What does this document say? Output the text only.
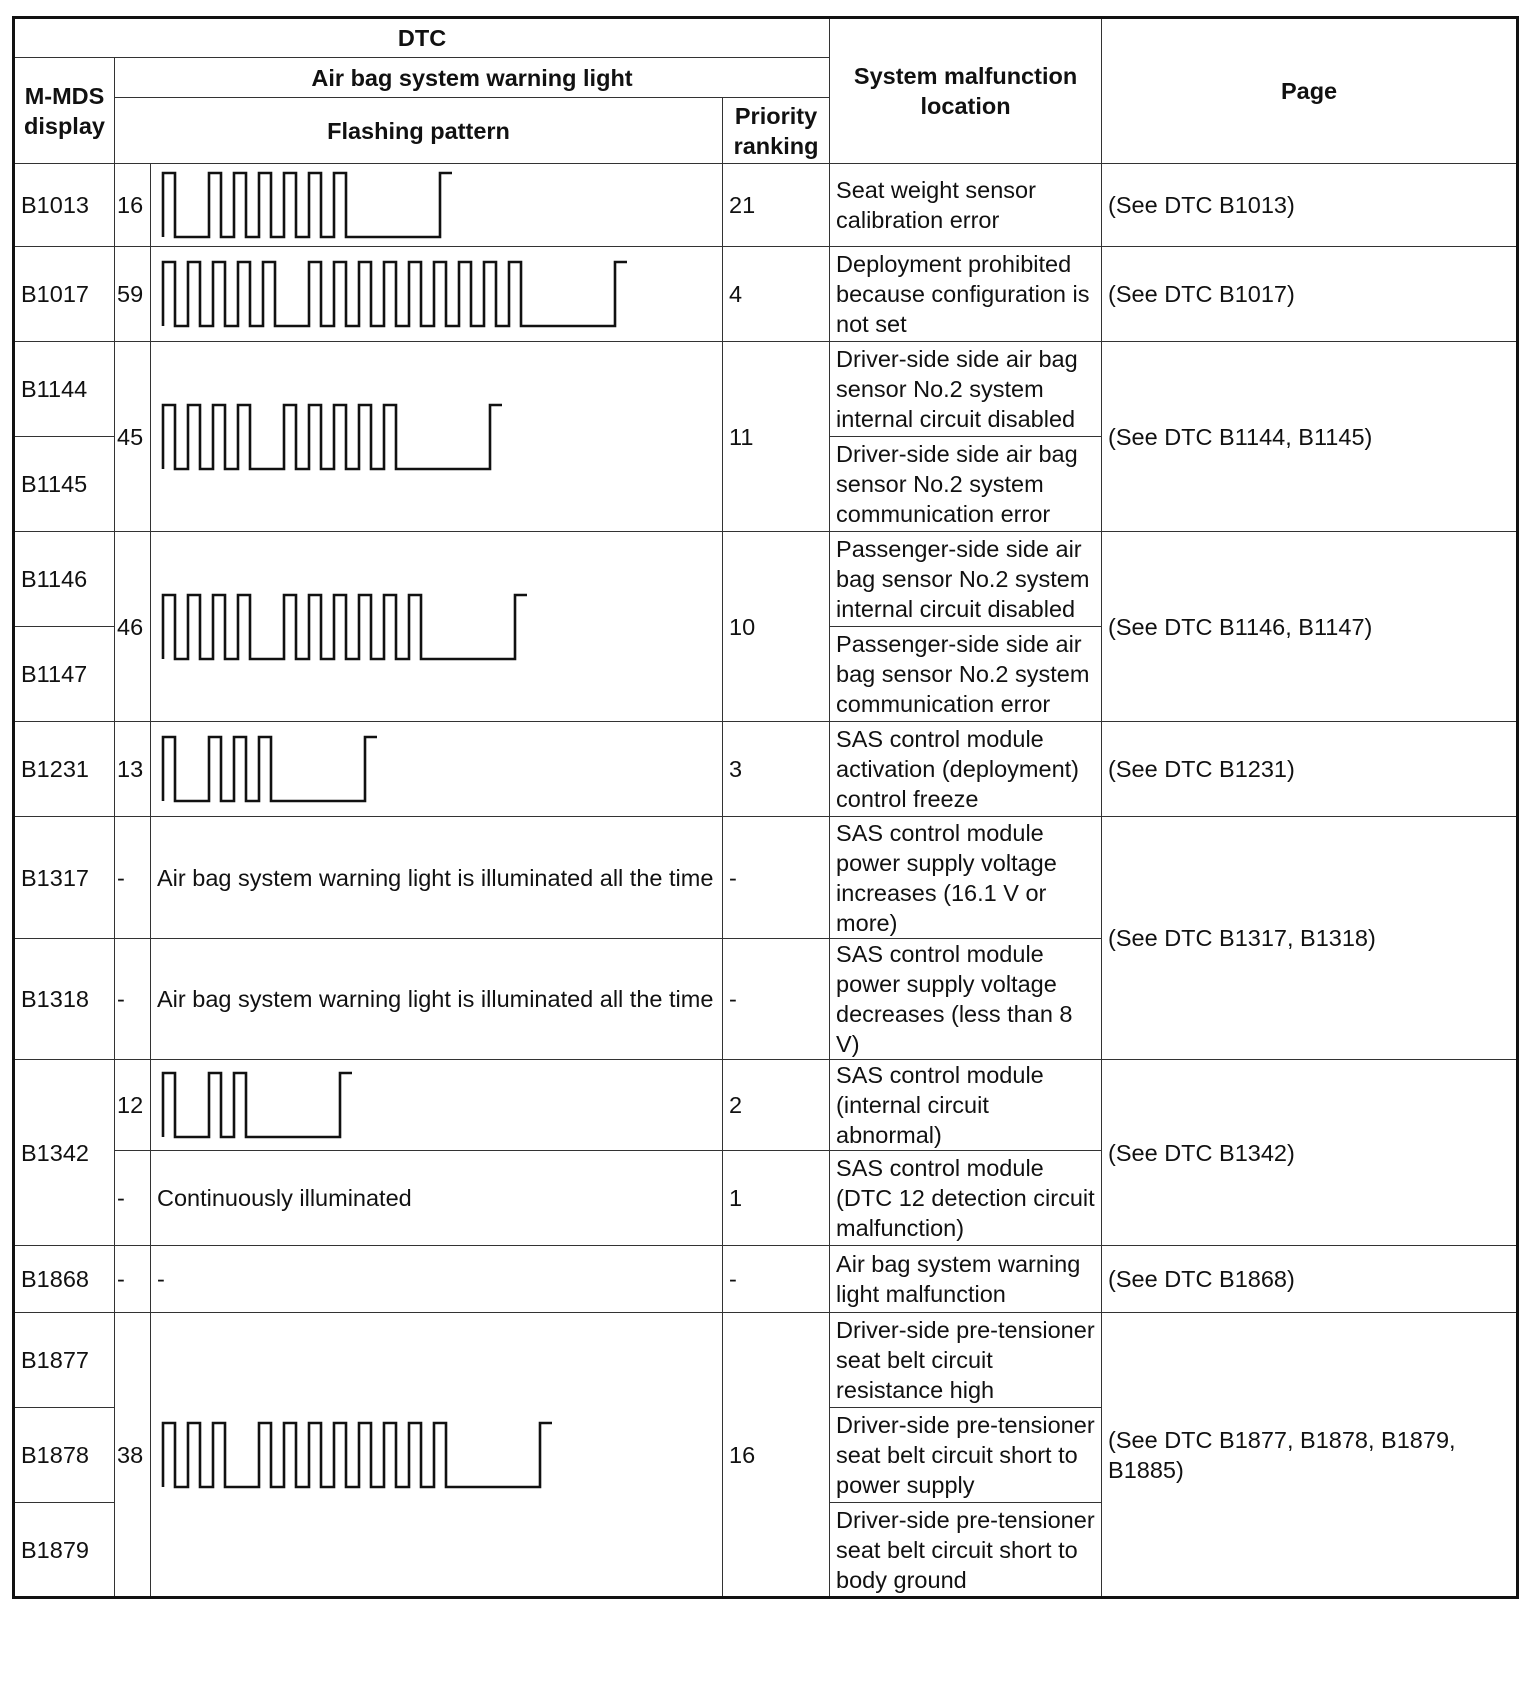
DTC				System malfunction location	Page
M-MDS display	Air bag system warning light				
	Flashing pattern		Priority ranking		
B1013	16		21	Seat weight sensor calibration error	(See DTC B1013)
B1017	59		4	Deployment prohibited because configuration is not set	(See DTC B1017)
B1144	45		11	Driver-side side air bag sensor No.2 system internal circuit disabled	(See DTC B1144, B1145)
B1145				Driver-side side air bag sensor No.2 system communication error	
B1146	46		10	Passenger-side side air bag sensor No.2 system internal circuit disabled	(See DTC B1146, B1147)
B1147				Passenger-side side air bag sensor No.2 system communication error	
B1231	13		3	SAS control module activation (deployment) control freeze	(See DTC B1231)
B1317	-	Air bag system warning light is illuminated all the time	-	SAS control module power supply voltage increases (16.1 V or more)	(See DTC B1317, B1318)
B1318	-	Air bag system warning light is illuminated all the time	-	SAS control module power supply voltage decreases (less than 8 V)	
B1342	12		2	SAS control module (internal circuit abnormal)	(See DTC B1342)
	-	Continuously illuminated	1	SAS control module (DTC 12 detection circuit malfunction)	
B1868	-	-	-	Air bag system warning light malfunction	(See DTC B1868)
B1877	38		16	Driver-side pre-tensioner seat belt circuit resistance high	(See DTC B1877, B1878, B1879, B1885)
B1878				Driver-side pre-tensioner seat belt circuit short to power supply	
B1879				Driver-side pre-tensioner seat belt circuit short to body ground	
